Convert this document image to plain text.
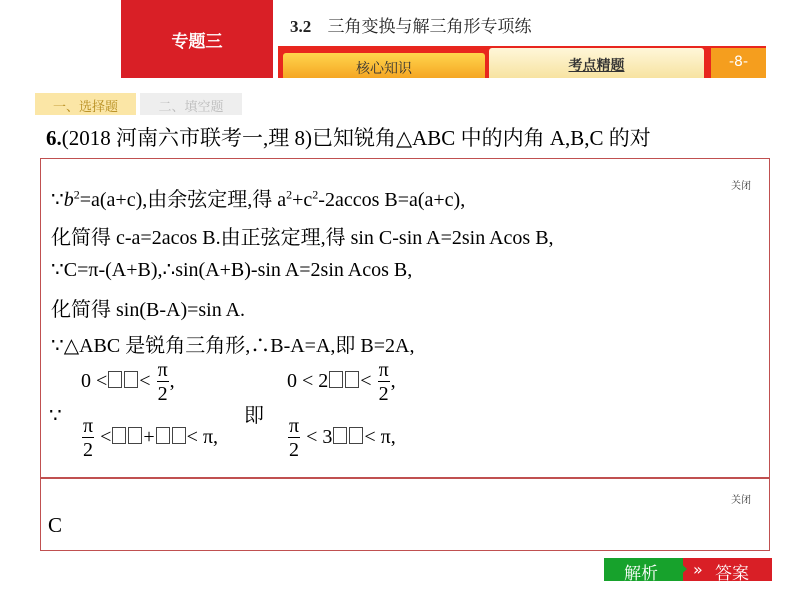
专题三
3.2 三角变换与解三角形专项练
核心知识	考点精题	-8-
一、选择题	二、填空题
6.(2018 河南六市联考一,理 8)已知锐角△ABC 中的内角 A,B,C 的对
关闭
$\because b^2=a(a+c)$,由余弦定理,得 $a^2+c^2-2accos$ B=a(a+c),
化简得 c-a=2acos B.由正弦定理,得 sin C-sin A=2sin Acos B,
∵C=π-(A+B),∴sin(A+B)-sin A=2sin Acos B,
化简得 sin(B-A)=sin A.
∵△ABC 是锐角三角形,∴B-A=A,即 B=2A,
∵	即
0 < < $\frac{\pi}{2}$ ,
$\frac{\pi}{2}$ < + < π,
$0 < 2 < \frac{\pi}{2}$ ,
$\frac{\pi}{2} < 3 < \pi$,
关闭
C
» 答案
解析
